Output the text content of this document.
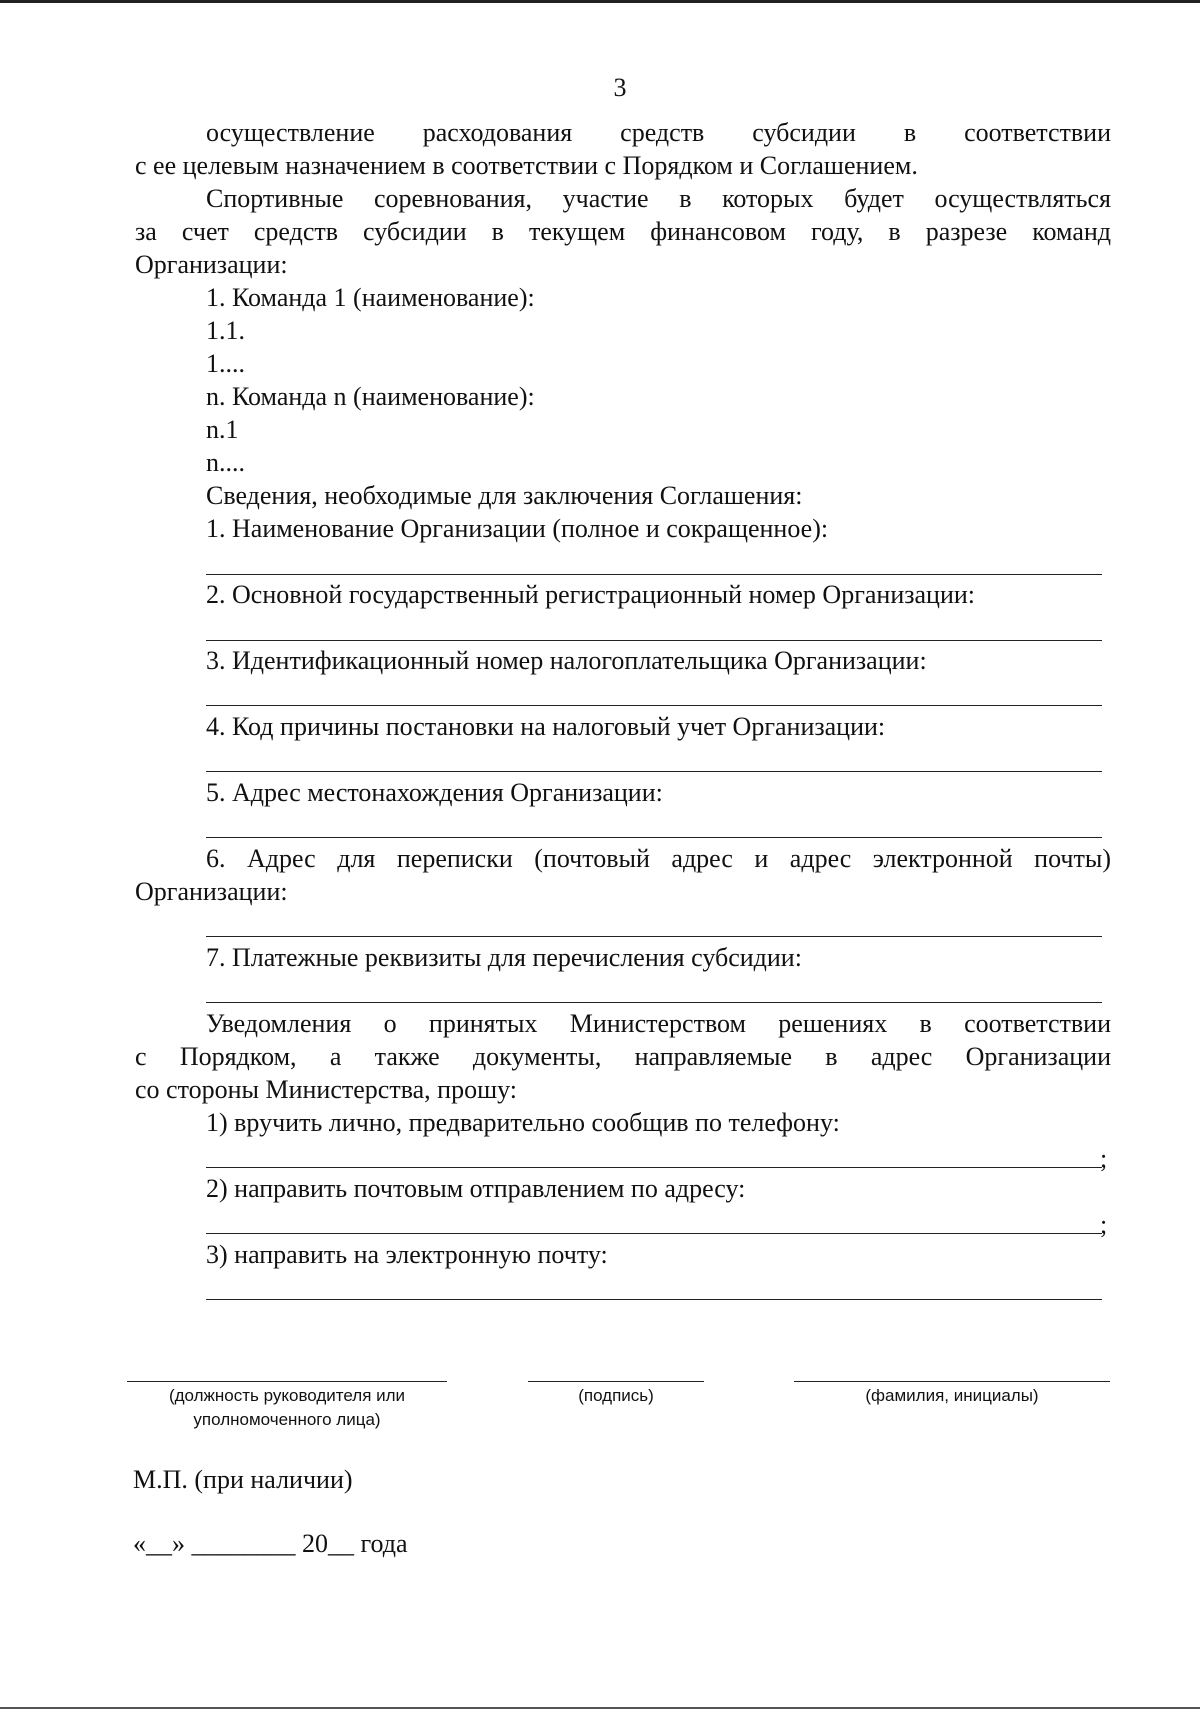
3
осуществление расходования средств субсидии в соответствии
с ее целевым назначением в соответствии с Порядком и Соглашением.
Спортивные соревнования, участие в которых будет осуществляться
за счет средств субсидии в текущем финансовом году, в разрезе команд
Организации:
1. Команда 1 (наименование):
1.1.
1....
n. Команда n (наименование):
n.1
n....
Сведения, необходимые для заключения Соглашения:
1. Наименование Организации (полное и сокращенное):
2. Основной государственный регистрационный номер Организации:
3. Идентификационный номер налогоплательщика Организации:
4. Код причины постановки на налоговый учет Организации:
5. Адрес местонахождения Организации:
6. Адрес для переписки (почтовый адрес и адрес электронной почты)
Организации:
7. Платежные реквизиты для перечисления субсидии:
Уведомления о принятых Министерством решениях в соответствии
с Порядком, а также документы, направляемые в адрес Организации
со стороны Министерства, прошу:
1) вручить лично, предварительно сообщив по телефону:
;
2) направить почтовым отправлением по адресу:
;
3) направить на электронную почту:
(должность руководителя или
уполномоченного лица)
(подпись)	(фамилия, инициалы)
М.П. (при наличии)
«__» ________ 20__ года
